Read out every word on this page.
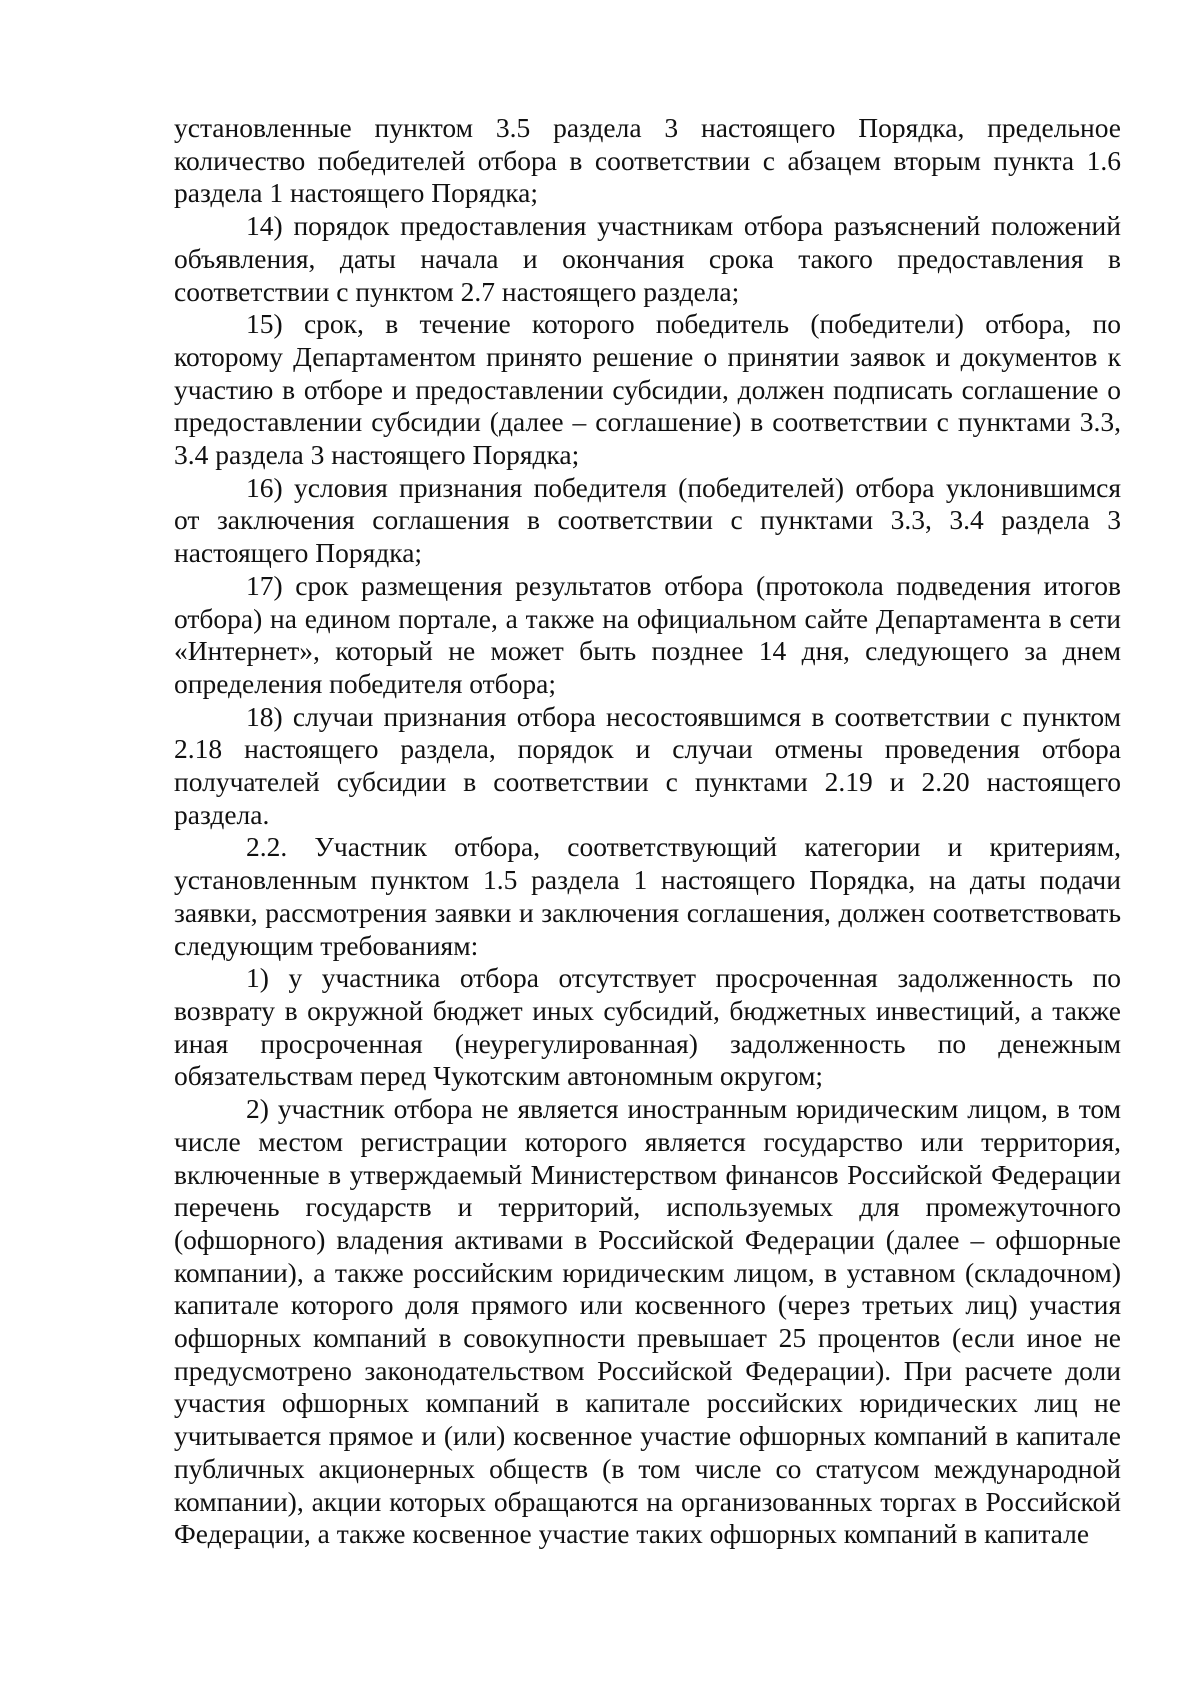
установленные пунктом 3.5 раздела 3 настоящего Порядка, предельное количество победителей отбора в соответствии с абзацем вторым пункта 1.6 раздела 1 настоящего Порядка;

14) порядок предоставления участникам отбора разъяснений положений объявления, даты начала и окончания срока такого предоставления в соответствии с пунктом 2.7 настоящего раздела;

15) срок, в течение которого победитель (победители) отбора, по которому Департаментом принято решение о принятии заявок и документов к участию в отборе и предоставлении субсидии, должен подписать соглашение о предоставлении субсидии (далее – соглашение) в соответствии с пунктами 3.3, 3.4 раздела 3 настоящего Порядка;

16) условия признания победителя (победителей) отбора уклонившимся от заключения соглашения в соответствии с пунктами 3.3, 3.4 раздела 3 настоящего Порядка;

17) срок размещения результатов отбора (протокола подведения итогов отбора) на едином портале, а также на официальном сайте Департамента в сети «Интернет», который не может быть позднее 14 дня, следующего за днем определения победителя отбора;

18) случаи признания отбора несостоявшимся в соответствии с пунктом 2.18 настоящего раздела, порядок и случаи отмены проведения отбора получателей субсидии в соответствии с пунктами 2.19 и 2.20 настоящего раздела.

2.2. Участник отбора, соответствующий категории и критериям, установленным пунктом 1.5 раздела 1 настоящего Порядка, на даты подачи заявки, рассмотрения заявки и заключения соглашения, должен соответствовать следующим требованиям:

1) у участника отбора отсутствует просроченная задолженность по возврату в окружной бюджет иных субсидий, бюджетных инвестиций, а также иная просроченная (неурегулированная) задолженность по денежным обязательствам перед Чукотским автономным округом;

2) участник отбора не является иностранным юридическим лицом, в том числе местом регистрации которого является государство или территория, включенные в утверждаемый Министерством финансов Российской Федерации перечень государств и территорий, используемых для промежуточного (офшорного) владения активами в Российской Федерации (далее – офшорные компании), а также российским юридическим лицом, в уставном (складочном) капитале которого доля прямого или косвенного (через третьих лиц) участия офшорных компаний в совокупности превышает 25 процентов (если иное не предусмотрено законодательством Российской Федерации). При расчете доли участия офшорных компаний в капитале российских юридических лиц не учитывается прямое и (или) косвенное участие офшорных компаний в капитале публичных акционерных обществ (в том числе со статусом международной компании), акции которых обращаются на организованных торгах в Российской Федерации, а также косвенное участие таких офшорных компаний в капитале
